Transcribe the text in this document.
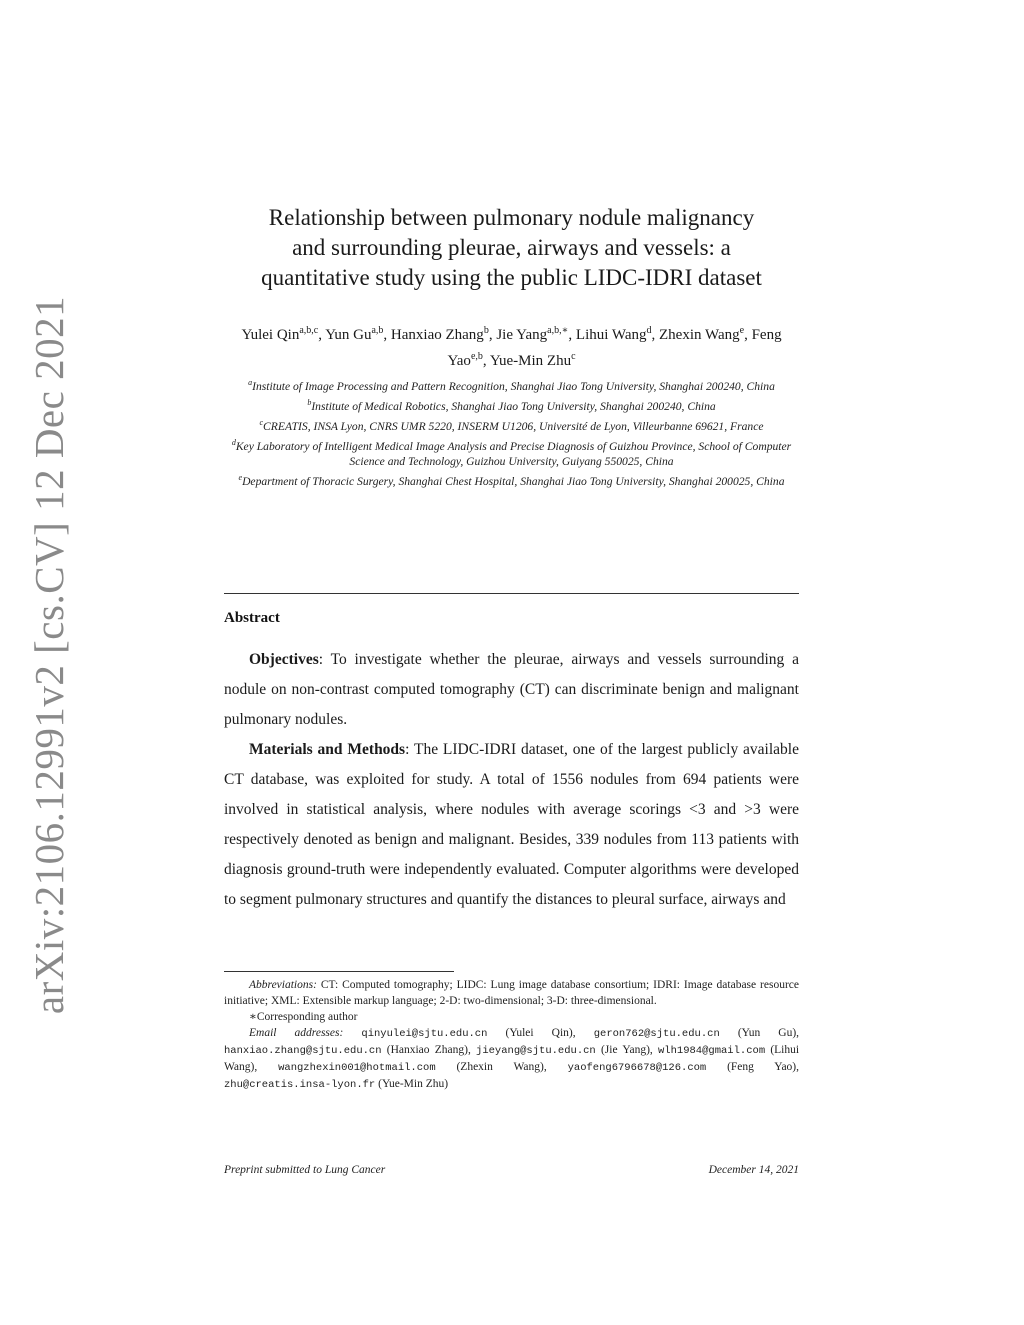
arXiv:2106.12991v2 [cs.CV] 12 Dec 2021
Relationship between pulmonary nodule malignancy
and surrounding pleurae, airways and vessels: a
quantitative study using the public LIDC-IDRI dataset
Yulei Qin$^{a,b,c}$, Yun Gu$^{a,b}$, Hanxiao Zhang$^b$, Jie Yang$^{a,b,∗}$, Lihui Wang$^d$, Zhexin Wang$^e$, Feng Yao$^{e,b}$, Yue-Min Zhu$^c$

$^a$Institute of Image Processing and Pattern Recognition, Shanghai Jiao Tong University, Shanghai 200240, China

$^b$Institute of Medical Robotics, Shanghai Jiao Tong University, Shanghai 200240, China

$^c$CREATIS, INSA Lyon, CNRS UMR 5220, INSERM U1206, Université de Lyon, Villeurbanne 69621, France

$^d$Key Laboratory of Intelligent Medical Image Analysis and Precise Diagnosis of Guizhou Province, School of Computer Science and Technology, Guizhou University, Guiyang 550025, China

$^e$Department of Thoracic Surgery, Shanghai Chest Hospital, Shanghai Jiao Tong University, Shanghai 200025, China

Abstract

Objectives: To investigate whether the pleurae, airways and vessels surrounding a nodule on non-contrast computed tomography (CT) can discriminate benign and malignant pulmonary nodules.

Materials and Methods: The LIDC-IDRI dataset, one of the largest publicly available CT database, was exploited for study. A total of 1556 nodules from 694 patients were involved in statistical analysis, where nodules with average scorings <3 and >3 were respectively denoted as benign and malignant. Besides, 339 nodules from 113 patients with diagnosis ground-truth were independently evaluated. Computer algorithms were developed to segment pulmonary structures and quantify the distances to pleural surface, airways and

Abbreviations: CT: Computed tomography; LIDC: Lung image database consortium; IDRI: Image database resource initiative; XML: Extensible markup language; 2-D: two-dimensional; 3-D: three-dimensional.

∗Corresponding author

Email addresses: qinyulei@sjtu.edu.cn (Yulei Qin), geron762@sjtu.edu.cn (Yun Gu), hanxiao.zhang@sjtu.edu.cn (Hanxiao Zhang), jieyang@sjtu.edu.cn (Jie Yang), wlh1984@gmail.com (Lihui Wang), wangzhexin001@hotmail.com (Zhexin Wang), yaofeng6796678@126.com (Feng Yao), zhu@creatis.insa-lyon.fr (Yue-Min Zhu)

Preprint submitted to Lung Cancer	December 14, 2021
